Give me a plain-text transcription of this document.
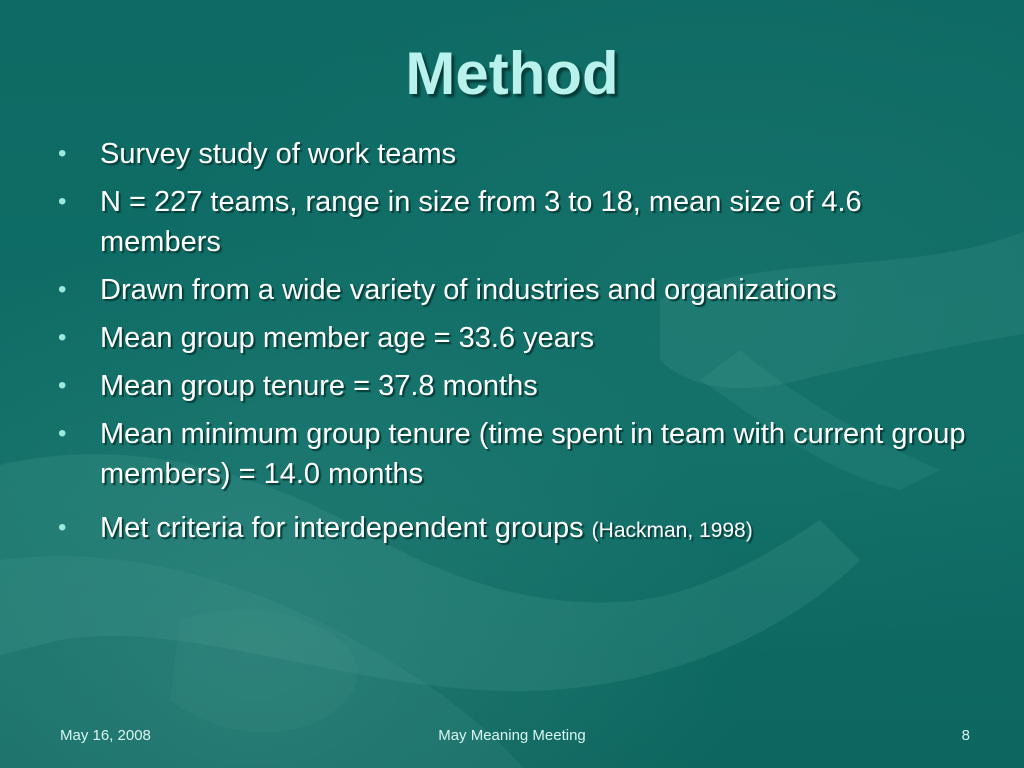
Method
•	Survey study of work teams
•	N = 227 teams, range in size from 3 to 18, mean size of 4.6 members
•	Drawn from a wide variety of industries and organizations
•	Mean group member age = 33.6 years
•	Mean group tenure = 37.8 months
•	Mean minimum group tenure (time spent in team with current group members) = 14.0 months
•	Met criteria for interdependent groups (Hackman, 1998)
May 16, 2008	May Meaning Meeting	8
